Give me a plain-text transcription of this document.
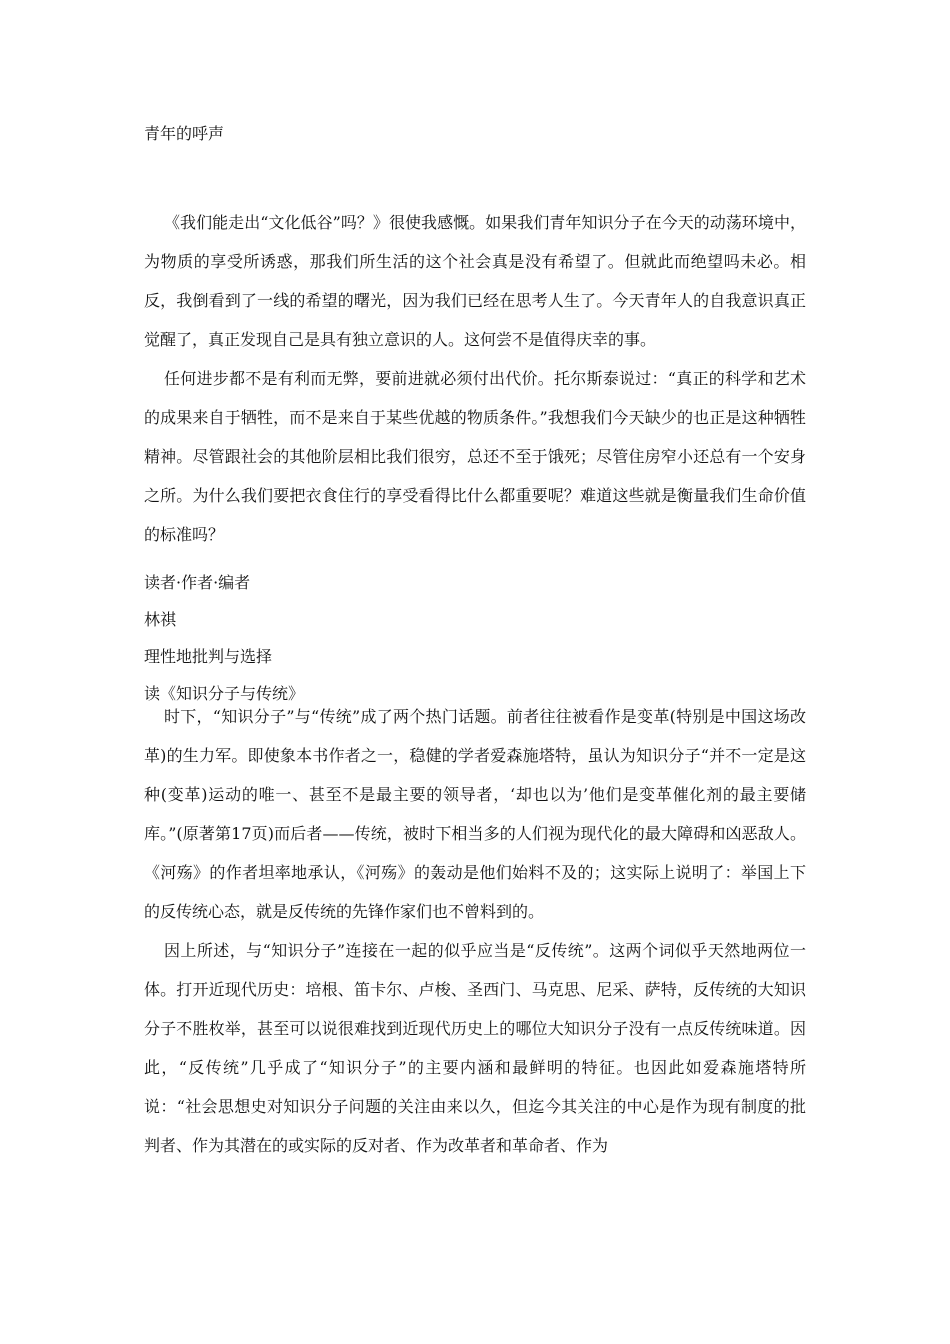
青年的呼声

《我们能走出“文化低谷”吗？》很使我感慨。如果我们青年知识分子在今天的动荡环境中，为物质的享受所诱惑，那我们所生活的这个社会真是没有希望了。但就此而绝望吗未必。相反，我倒看到了一线的希望的曙光，因为我们已经在思考人生了。今天青年人的自我意识真正觉醒了，真正发现自己是具有独立意识的人。这何尝不是值得庆幸的事。

任何进步都不是有利而无弊，要前进就必须付出代价。托尔斯泰说过：“真正的科学和艺术的成果来自于牺牲，而不是来自于某些优越的物质条件。”我想我们今天缺少的也正是这种牺牲精神。尽管跟社会的其他阶层相比我们很穷，总还不至于饿死；尽管住房窄小还总有一个安身之所。为什么我们要把衣食住行的享受看得比什么都重要呢？难道这些就是衡量我们生命价值的标准吗？

读者·作者·编者
林祺
理性地批判与选择
读《知识分子与传统》

时下，“知识分子”与“传统”成了两个热门话题。前者往往被看作是变革(特别是中国这场改革)的生力军。即使象本书作者之一，稳健的学者爱森施塔特，虽认为知识分子“并不一定是这种(变革)运动的唯一、甚至不是最主要的领导者，‘却也以为’他们是变革催化剂的最主要储库。”(原著第17页)而后者——传统，被时下相当多的人们视为现代化的最大障碍和凶恶敌人。《河殇》的作者坦率地承认，《河殇》的轰动是他们始料不及的；这实际上说明了：举国上下的反传统心态，就是反传统的先锋作家们也不曾料到的。

因上所述，与“知识分子”连接在一起的似乎应当是“反传统”。这两个词似乎天然地两位一体。打开近现代历史：培根、笛卡尔、卢梭、圣西门、马克思、尼采、萨特，反传统的大知识分子不胜枚举，甚至可以说很难找到近现代历史上的哪位大知识分子没有一点反传统味道。因此，“反传统”几乎成了“知识分子”的主要内涵和最鲜明的特征。也因此如爱森施塔特所说：“社会思想史对知识分子问题的关注由来以久，但迄今其关注的中心是作为现有制度的批判者、作为其潜在的或实际的反对者、作为改革者和革命者、作为
